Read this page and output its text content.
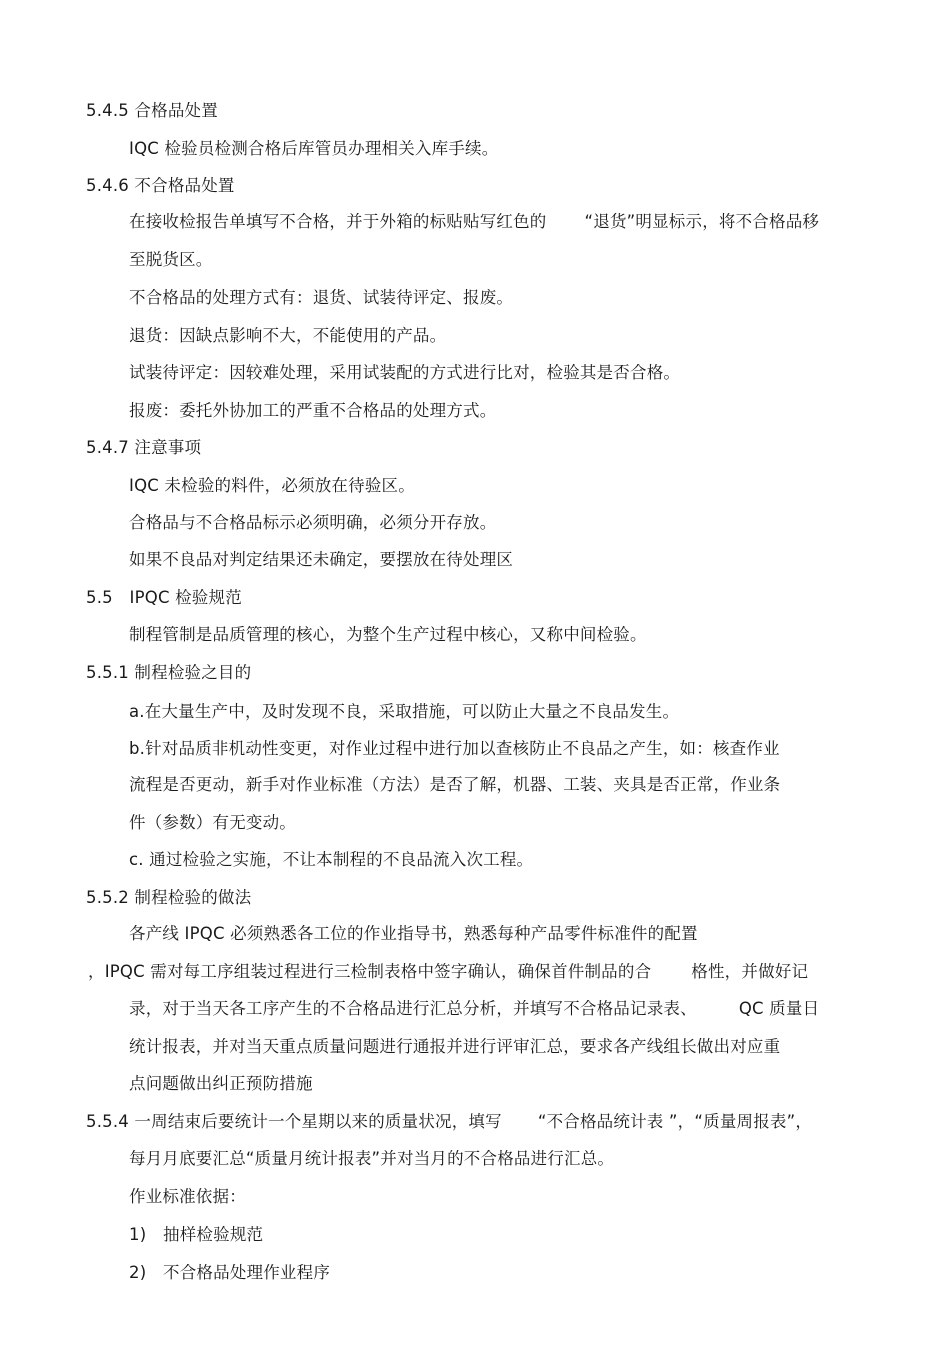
5.4.5 合格品处置
IQC 检验员检测合格后库管员办理相关入库手续。
5.4.6 不合格品处置
在接收检报告单填写不合格，并于外箱的标贴贴写红色的 “退货”明显标示，将不合格品移
至脱货区。
不合格品的处理方式有：退货、试装待评定、报废。
退货：因缺点影响不大，不能使用的产品。
试装待评定：因较难处理，采用试装配的方式进行比对，检验其是否合格。
报废：委托外协加工的严重不合格品的处理方式。
5.4.7 注意事项
IQC 未检验的料件，必须放在待验区。
合格品与不合格品标示必须明确，必须分开存放。
如果不良品对判定结果还未确定，要摆放在待处理区
5.5　IPQC 检验规范
制程管制是品质管理的核心，为整个生产过程中核心，又称中间检验。
5.5.1 制程检验之目的
a.在大量生产中，及时发现不良，采取措施，可以防止大量之不良品发生。
b.针对品质非机动性变更，对作业过程中进行加以查核防止不良品之产生，如：核查作业
流程是否更动，新手对作业标准（方法）是否了解，机器、工装、夹具是否正常，作业条
件（参数）有无变动。
c. 通过检验之实施，不让本制程的不良品流入次工程。
5.5.2 制程检验的做法
各产线 IPQC 必须熟悉各工位的作业指导书，熟悉每种产品零件标准件的配置
，IPQC 需对每工序组装过程进行三检制表格中签字确认，确保首件制品的合 格性，并做好记
录，对于当天各工序产生的不合格品进行汇总分析，并填写不合格品记录表、	QC 质量日
统计报表，并对当天重点质量问题进行通报并进行评审汇总，要求各产线组长做出对应重
点问题做出纠正预防措施
5.5.4 一周结束后要统计一个星期以来的质量状况，填写 “不合格品统计表 ”，“质量周报表”，
每月月底要汇总“质量月统计报表”并对当月的不合格品进行汇总。
作业标准依据：
1)　抽样检验规范
2)　不合格品处理作业程序
